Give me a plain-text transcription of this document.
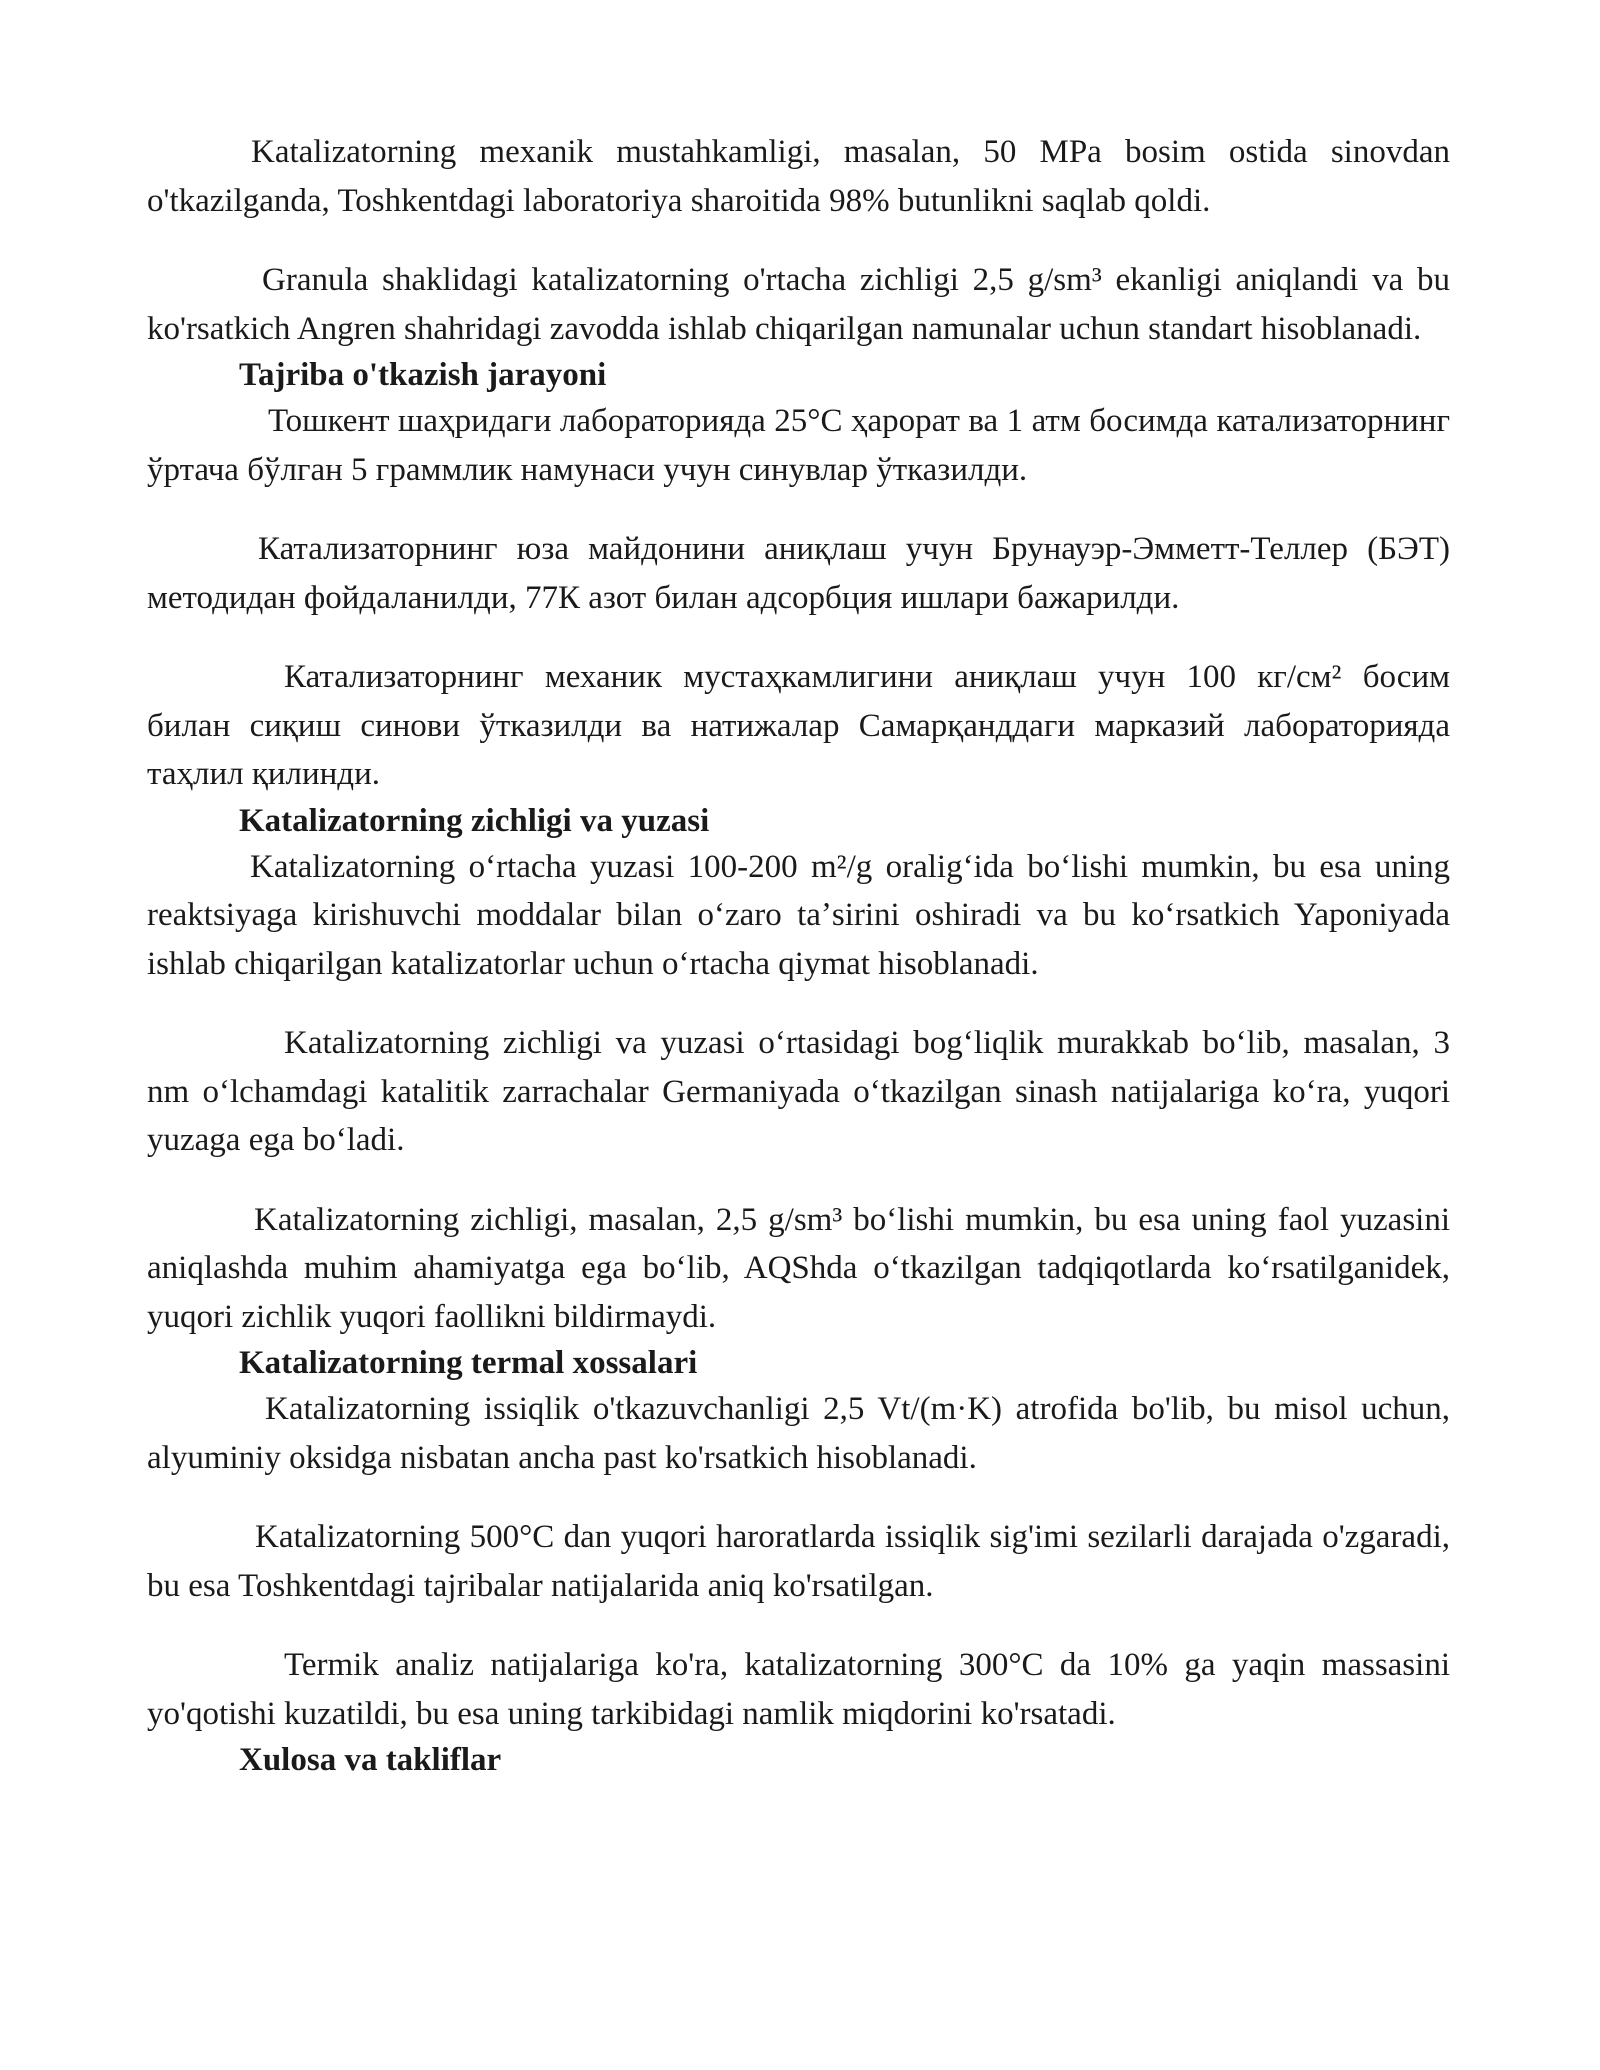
Katalizatorning mexanik mustahkamligi, masalan, 50 MPa bosim ostida sinovdan o'tkazilganda, Toshkentdagi laboratoriya sharoitida 98% butunlikni saqlab qoldi.

Granula shaklidagi katalizatorning o'rtacha zichligi 2,5 g/sm³ ekanligi aniqlandi va bu ko'rsatkich Angren shahridagi zavodda ishlab chiqarilgan namunalar uchun standart hisoblanadi.

Tajriba o'tkazish jarayoni

Тошкент шаҳридаги лабораторияда 25°С ҳарорат ва 1 атм босимда катализаторнинг ўртача бўлган 5 граммлик намунаси учун синувлар ўтказилди.

Катализаторнинг юза майдонини аниқлаш учун Брунауэр-Эмметт-Теллер (БЭТ) методидан фойдаланилди, 77К азот билан адсорбция ишлари бажарилди.

Катализаторнинг механик мустаҳкамлигини аниқлаш учун 100 кг/см² босим билан сиқиш синови ўтказилди ва натижалар Самарқанддаги марказий лабораторияда таҳлил қилинди.

Katalizatorning zichligi va yuzasi

Katalizatorning oʻrtacha yuzasi 100-200 m²/g oraligʻida boʻlishi mumkin, bu esa uning reaktsiyaga kirishuvchi moddalar bilan oʻzaro taʼsirini oshiradi va bu koʻrsatkich Yaponiyada ishlab chiqarilgan katalizatorlar uchun oʻrtacha qiymat hisoblanadi.

Katalizatorning zichligi va yuzasi oʻrtasidagi bogʻliqlik murakkab boʻlib, masalan, 3 nm oʻlchamdagi katalitik zarrachalar Germaniyada oʻtkazilgan sinash natijalariga koʻra, yuqori yuzaga ega boʻladi.

Katalizatorning zichligi, masalan, 2,5 g/sm³ boʻlishi mumkin, bu esa uning faol yuzasini aniqlashda muhim ahamiyatga ega boʻlib, AQShda oʻtkazilgan tadqiqotlarda koʻrsatilganidek, yuqori zichlik yuqori faollikni bildirmaydi.

Katalizatorning termal xossalari

Katalizatorning issiqlik o'tkazuvchanligi 2,5 Vt/(m·K) atrofida bo'lib, bu misol uchun, alyuminiy oksidga nisbatan ancha past ko'rsatkich hisoblanadi.

Katalizatorning 500°C dan yuqori haroratlarda issiqlik sig'imi sezilarli darajada o'zgaradi, bu esa Toshkentdagi tajribalar natijalarida aniq ko'rsatilgan.

Termik analiz natijalariga ko'ra, katalizatorning 300°C da 10% ga yaqin massasini yo'qotishi kuzatildi, bu esa uning tarkibidagi namlik miqdorini ko'rsatadi.

Xulosa va takliflar
